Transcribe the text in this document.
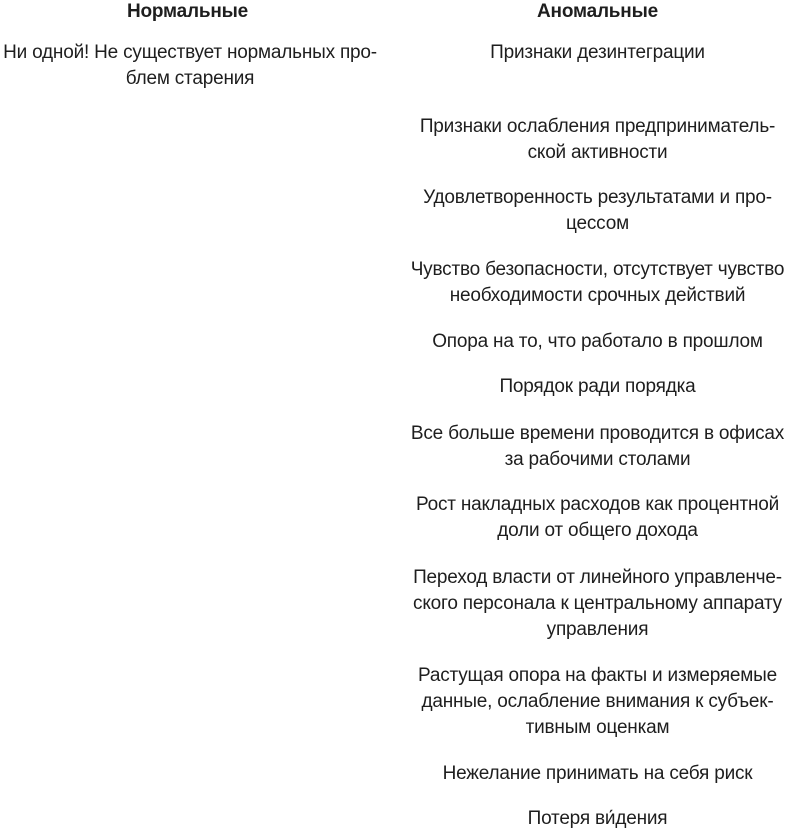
Нормальные	Аномальные
Ни одной! Не существует нормальных про-
блем старения
Признаки дезинтеграции
Признаки ослабления предприниматель-
ской активности
Удовлетворенность результатами и про-
цессом
Чувство безопасности, отсутствует чувство
необходимости срочных действий
Опора на то, что работало в прошлом
Порядок ради порядка
Все больше времени проводится в офисах
за рабочими столами
Рост накладных расходов как процентной
доли от общего дохода
Переход власти от линейного управленче-
ского персонала к центральному аппарату
управления
Растущая опора на факты и измеряемые
данные, ослабление внимания к субъек-
тивным оценкам
Нежелание принимать на себя риск
Потеря ви́дения
